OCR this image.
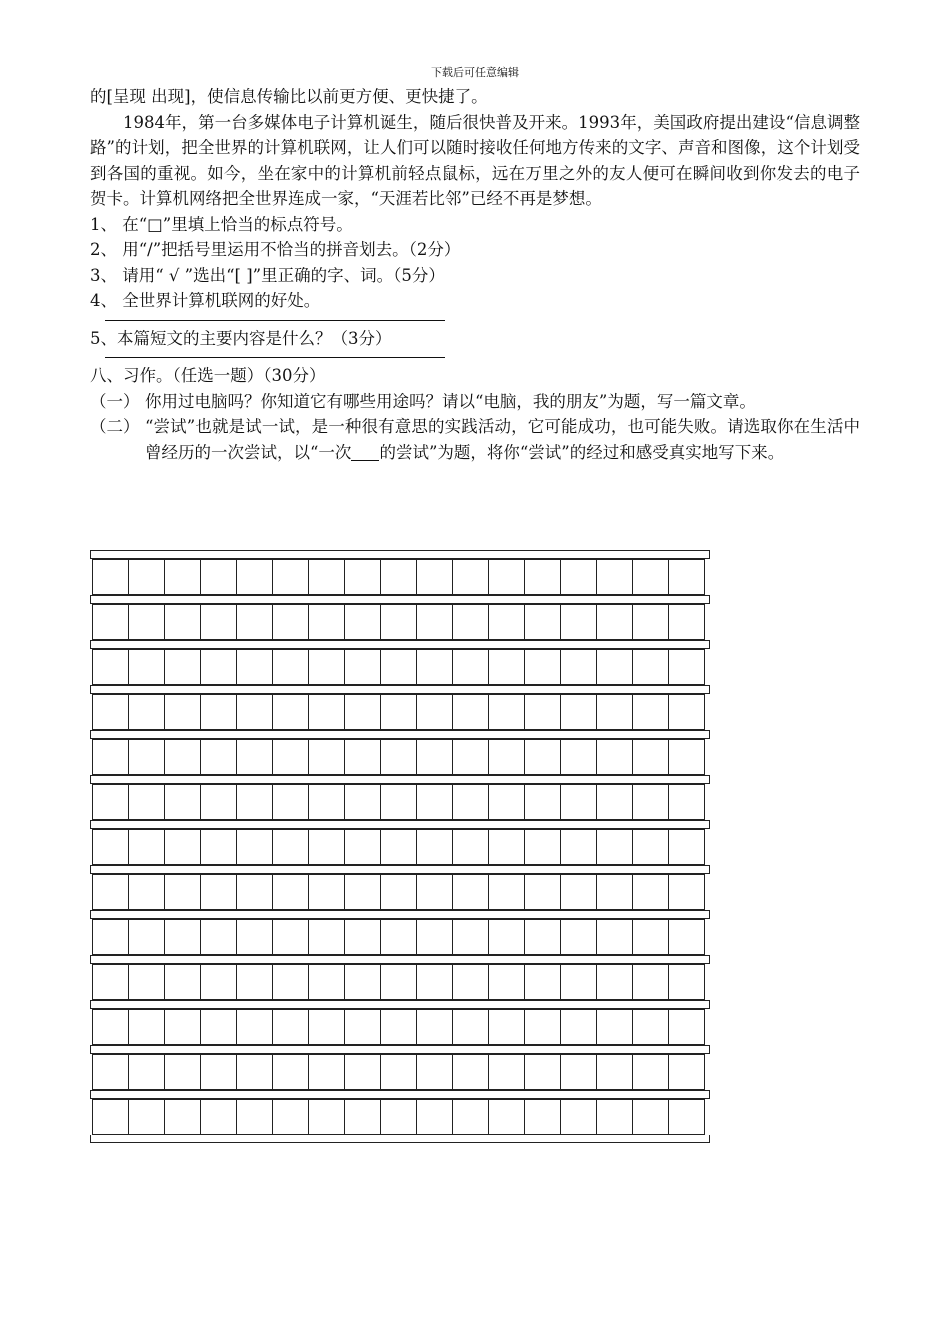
下载后可任意编辑

的[呈现 出现]，使信息传输比以前更方便、更快捷了。

1984年，第一台多媒体电子计算机诞生，随后很快普及开来。1993年，美国政府提出建设“信息调整路”的计划，把全世界的计算机联网，让人们可以随时接收任何地方传来的文字、声音和图像，这个计划受到各国的重视。如今，坐在家中的计算机前轻点鼠标，远在万里之外的友人便可在瞬间收到你发去的电子贺卡。计算机网络把全世界连成一家，“天涯若比邻”已经不再是梦想。

1、 在“□”里填上恰当的标点符号。

2、 用“/”把括号里运用不恰当的拼音划去。（2分）

3、 请用“ √ ”选出“[ ]”里正确的字、词。（5分）

4、 全世界计算机联网的好处。

5、本篇短文的主要内容是什么？（3分）

八、习作。（任选一题）（30分）

（一） 你用过电脑吗？你知道它有哪些用途吗？请以“电脑，我的朋友”为题，写一篇文章。

（二） “尝试”也就是试一试，是一种很有意思的实践活动，它可能成功，也可能失败。请选取你在生活中曾经历的一次尝试，以“一次 的尝试”为题，将你“尝试”的经过和感受真实地写下来。
